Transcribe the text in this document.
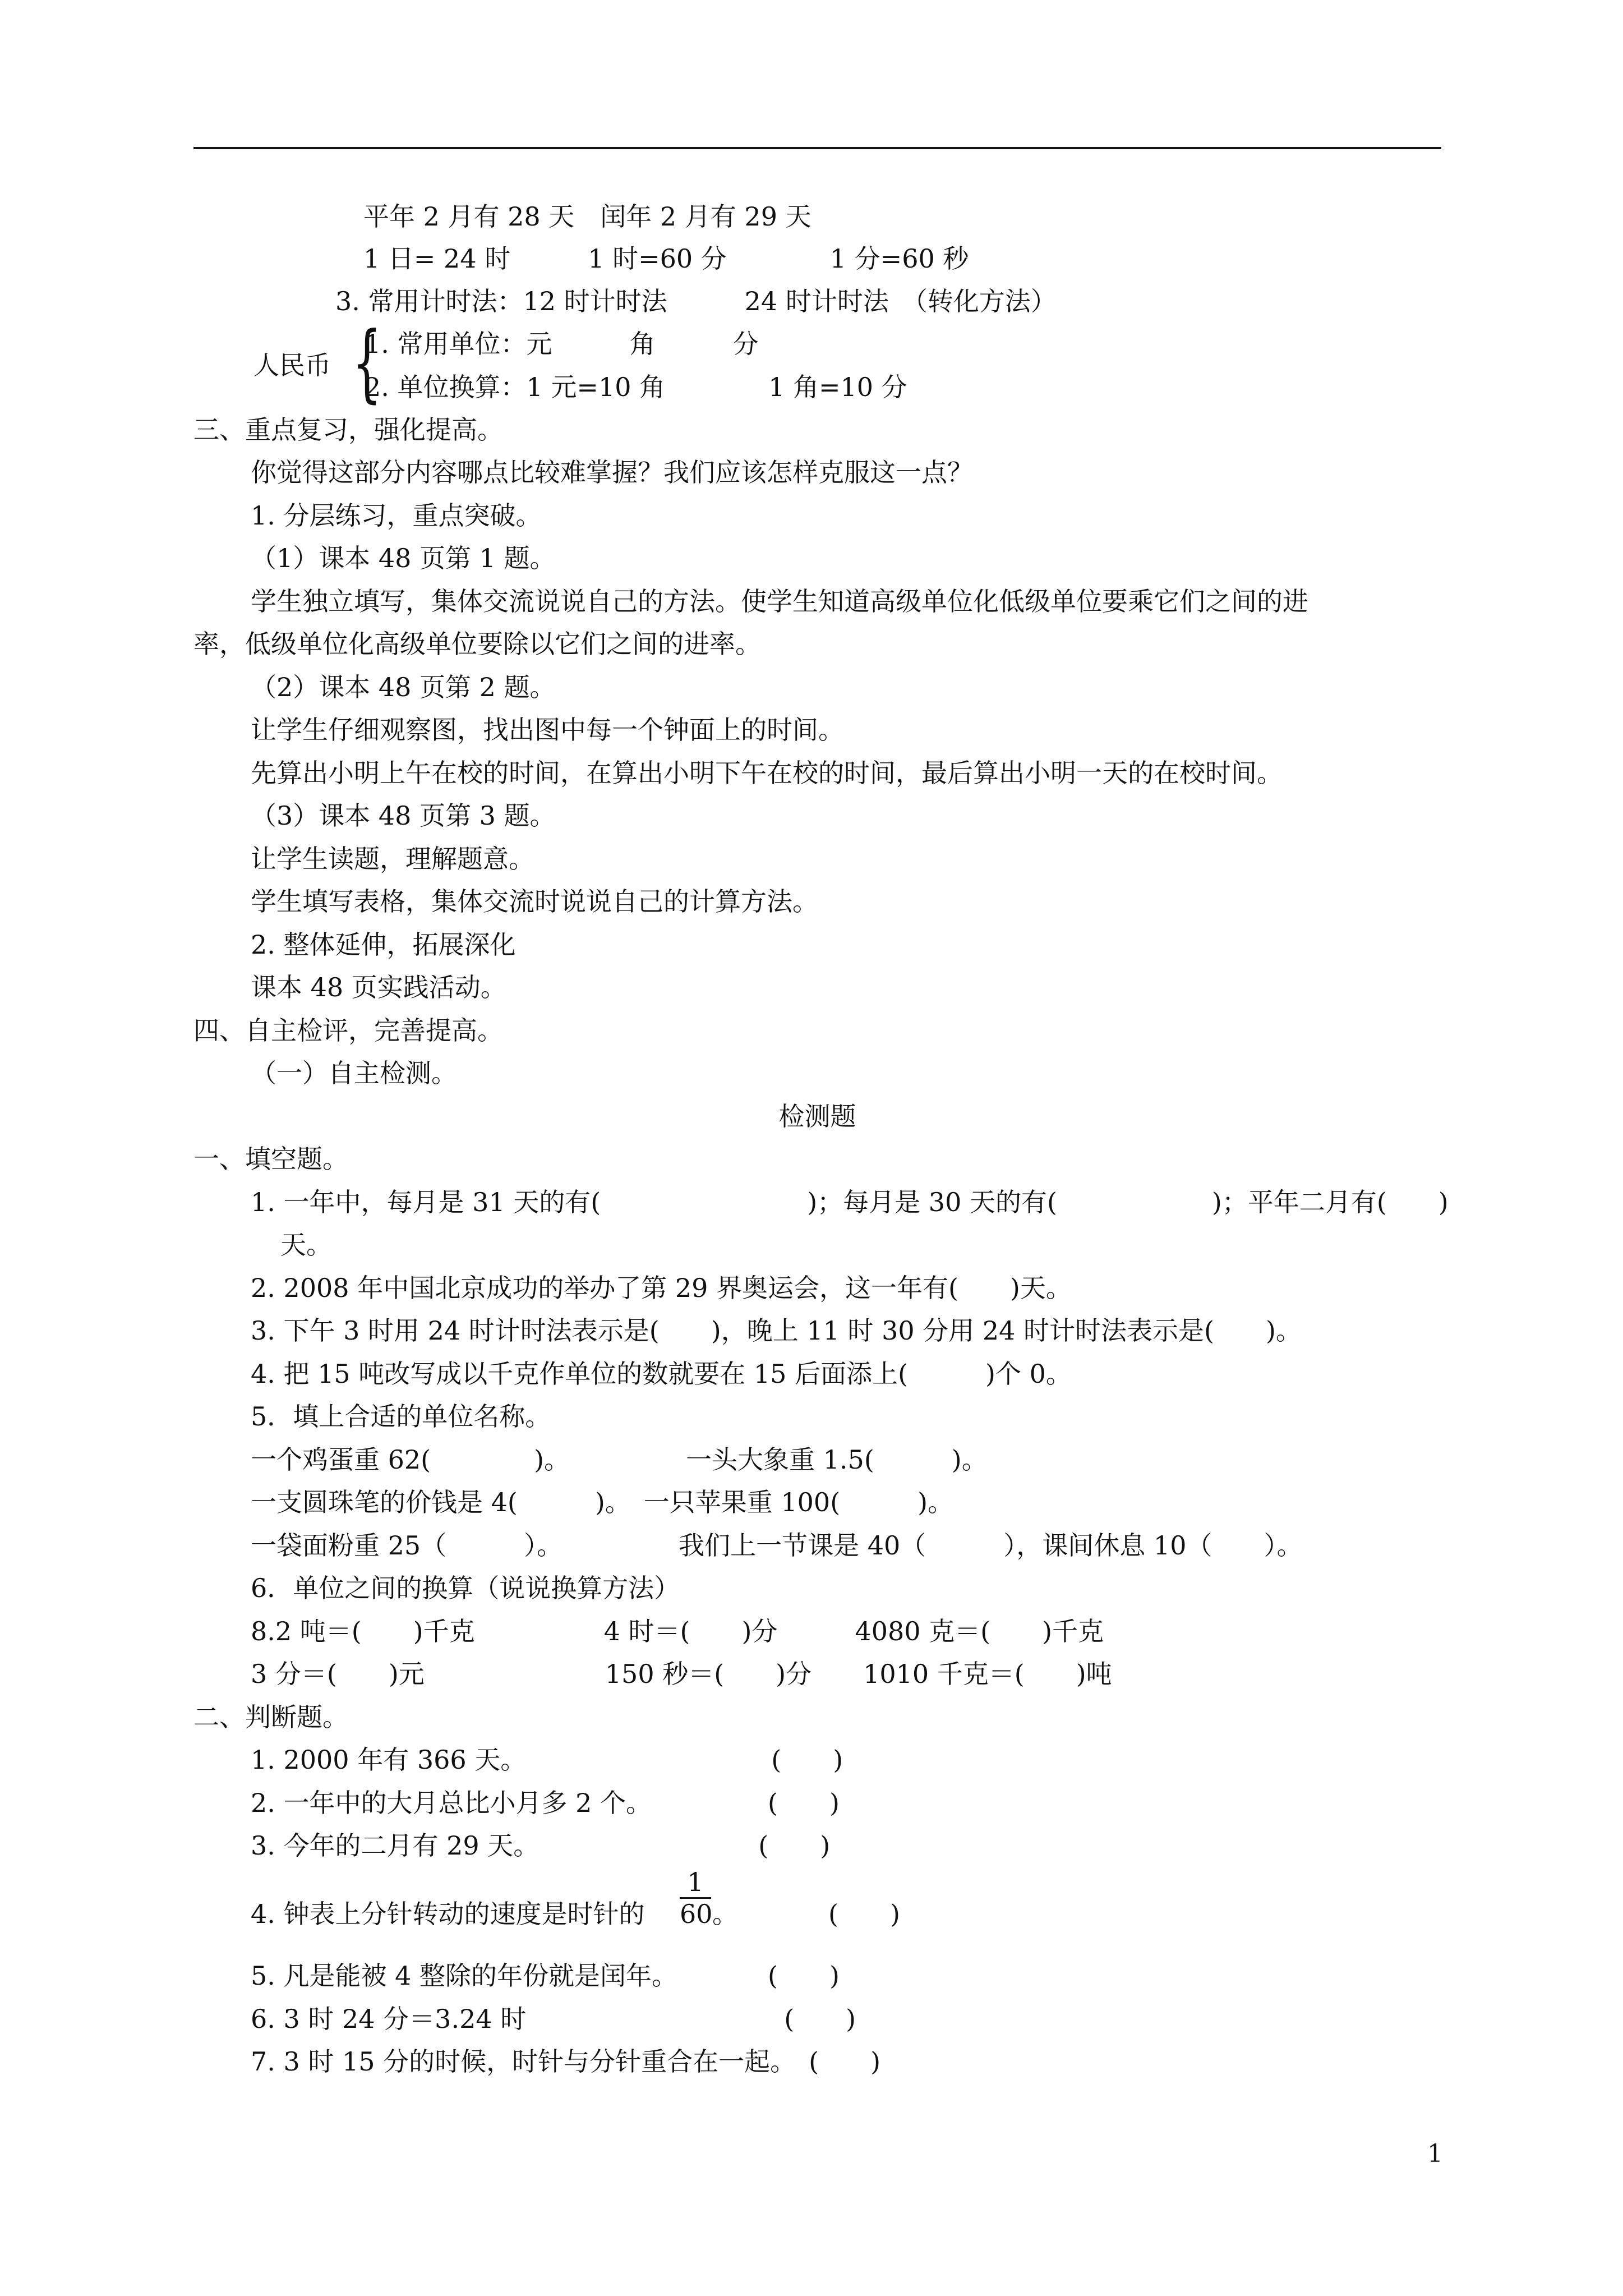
平年 2 月有 28 天　闰年 2 月有 29 天
1 日= 24 时　　　1 时=60 分　　　　1 分=60 秒
3. 常用计时法：12 时计时法　　　24 时计时法　（转化方法）
人民币 {
1. 常用单位：元　　　角　　　分
2. 单位换算：1 元=10 角　　　　1 角=10 分
三、重点复习，强化提高。
你觉得这部分内容哪点比较难掌握？我们应该怎样克服这一点？
1. 分层练习，重点突破。
（1）课本 48 页第 1 题。
学生独立填写，集体交流说说自己的方法。使学生知道高级单位化低级单位要乘它们之间的进
率，低级单位化高级单位要除以它们之间的进率。
（2）课本 48 页第 2 题。
让学生仔细观察图，找出图中每一个钟面上的时间。
先算出小明上午在校的时间，在算出小明下午在校的时间，最后算出小明一天的在校时间。
（3）课本 48 页第 3 题。
让学生读题，理解题意。
学生填写表格，集体交流时说说自己的计算方法。
2. 整体延伸，拓展深化
课本 48 页实践活动。
四、自主检评，完善提高。
（一）自主检测。
检测题
一、填空题。
1. 一年中，每月是 31 天的有(　　　　　　　　)；每月是 30 天的有(　　　　　　)；平年二月有(　　)
天。
2. 2008 年中国北京成功的举办了第 29 界奥运会，这一年有(　　)天。
3. 下午 3 时用 24 时计时法表示是(　　)，晚上 11 时 30 分用 24 时计时法表示是(　　)。
4. 把 15 吨改写成以千克作单位的数就要在 15 后面添上(　　　)个 0。
5．填上合适的单位名称。
一个鸡蛋重 62(　　　　)。　　　　　一头大象重 1.5(　　　)。
一支圆珠笔的价钱是 4(　　　)。　一只苹果重 100(　　　)。
一袋面粉重 25（　　　）。　　　　　我们上一节课是 40（　　　），课间休息 10（　　）。
6．单位之间的换算（说说换算方法）
8.2 吨＝(　　)千克　　　　　4 时＝(　　)分　　　4080 克＝(　　)千克
3 分＝(　　)元　　　　　　　150 秒＝(　　)分　　1010 千克＝(　　)吨
二、判断题。
1. 2000 年有 366 天。　　　　　　　　　　(　　)
2. 一年中的大月总比小月多 2 个。　　　　　(　　)
3. 今年的二月有 29 天。　　　　　　　　　(　　)
4. 钟表上分针转动的速度是时针的
1
60 。　　　　(　　)
5. 凡是能被 4 整除的年份就是闰年。　　　　(　　)
6. 3 时 24 分＝3.24 时　　　　　　　　　　(　　)
7. 3 时 15 分的时候，时针与分针重合在一起。　(　　)
1
